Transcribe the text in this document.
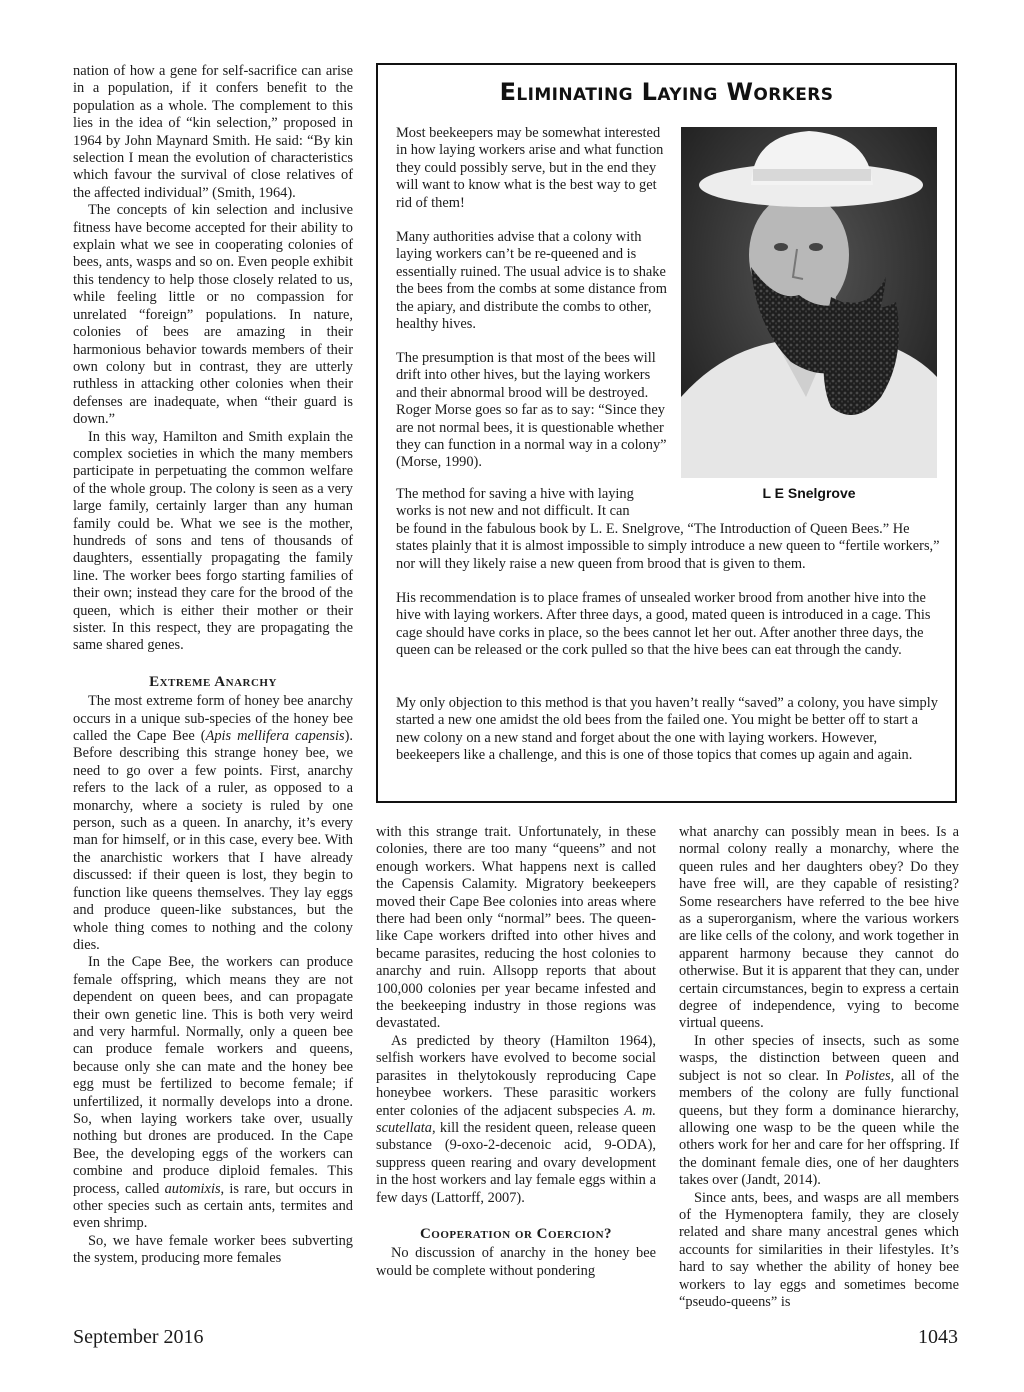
nation of how a gene for self-sacrifice can arise in a population, if it confers benefit to the population as a whole. The complement to this lies in the idea of “kin selection,” proposed in 1964 by John Maynard Smith. He said: “By kin selection I mean the evolution of characteristics which favour the survival of close relatives of the affected individual” (Smith, 1964).

The concepts of kin selection and inclusive fitness have become accepted for their ability to explain what we see in cooperating colonies of bees, ants, wasps and so on. Even people exhibit this tendency to help those closely related to us, while feeling little or no compassion for unrelated “foreign” populations. In nature, colonies of bees are amazing in their harmonious behavior towards members of their own colony but in contrast, they are utterly ruthless in attacking other colonies when their defenses are inadequate, when “their guard is down.”

In this way, Hamilton and Smith explain the complex societies in which the many members participate in perpetuating the common welfare of the whole group. The colony is seen as a very large family, certainly larger than any human family could be. What we see is the mother, hundreds of sons and tens of thousands of daughters, essentially propagating the family line. The worker bees forgo starting families of their own; instead they care for the brood of the queen, which is either their mother or their sister. In this respect, they are propagating the same shared genes.

Extreme Anarchy

The most extreme form of honey bee anarchy occurs in a unique sub-species of the honey bee called the Cape Bee (Apis mellifera capensis). Before describing this strange honey bee, we need to go over a few points. First, anarchy refers to the lack of a ruler, as opposed to a monarchy, where a society is ruled by one person, such as a queen. In anarchy, it’s every man for himself, or in this case, every bee. With the anarchistic workers that I have already discussed: if their queen is lost, they begin to function like queens themselves. They lay eggs and produce queen-like substances, but the whole thing comes to nothing and the colony dies.

In the Cape Bee, the workers can produce female offspring, which means they are not dependent on queen bees, and can propagate their own genetic line. This is both very weird and very harmful. Normally, only a queen bee can produce female workers and queens, because only she can mate and the honey bee egg must be fertilized to become female; if unfertilized, it normally develops into a drone. So, when laying workers take over, usually nothing but drones are produced. In the Cape Bee, the developing eggs of the workers can combine and produce diploid females. This process, called automixis, is rare, but occurs in other species such as certain ants, termites and even shrimp.

So, we have female worker bees subverting the system, producing more females

Eliminating Laying Workers

Most beekeepers may be somewhat interested in how laying workers arise and what function they could possibly serve, but in the end they will want to know what is the best way to get rid of them!

Many authorities advise that a colony with laying workers can’t be re-queened and is essentially ruined. The usual advice is to shake the bees from the combs at some distance from the apiary, and distribute the combs to other, healthy hives.

The presumption is that most of the bees will drift into other hives, but the laying workers and their abnormal brood will be destroyed. Roger Morse goes so far as to say: “Since they are not normal bees, it is questionable whether they can function in a normal way in a colony” (Morse, 1990).

The method for saving a hive with laying
works is not new and not difficult. It can
be found in the fabulous book by L. E. Snelgrove, “The Introduction of Queen Bees.” He states plainly that it is almost impossible to simply introduce a new queen to “fertile workers,” nor will they likely raise a new queen from brood that is given to them.

His recommendation is to place frames of unsealed worker brood from another hive into the hive with laying workers. After three days, a good, mated queen is introduced in a cage. This cage should have corks in place, so the bees cannot let her out. After another three days, the queen can be released or the cork pulled so that the hive bees can eat through the candy.

My only objection to this method is that you haven’t really “saved” a colony, you have simply started a new one amidst the old bees from the failed one. You might be better off to start a new colony on a new stand and forget about the one with laying workers. However, beekeepers like a challenge, and this is one of those topics that comes up again and again.

L E Snelgrove

with this strange trait. Unfortunately, in these colonies, there are too many “queens” and not enough workers. What happens next is called the Capensis Calamity. Migratory beekeepers moved their Cape Bee colonies into areas where there had been only “normal” bees. The queen-like Cape workers drifted into other hives and became parasites, reducing the host colonies to anarchy and ruin. Allsopp reports that about 100,000 colonies per year became infested and the beekeeping industry in those regions was devastated.

As predicted by theory (Hamilton 1964), selfish workers have evolved to become social parasites in thelytokously reproducing Cape honeybee workers. These parasitic workers enter colonies of the adjacent subspecies A. m. scutellata, kill the resident queen, release queen substance (9-oxo-2-decenoic acid, 9-ODA), suppress queen rearing and ovary development in the host workers and lay female eggs within a few days (Lattorff, 2007).

Cooperation or Coercion?

No discussion of anarchy in the honey bee would be complete without pondering

what anarchy can possibly mean in bees. Is a normal colony really a monarchy, where the queen rules and her daughters obey? Do they have free will, are they capable of resisting? Some researchers have referred to the bee hive as a superorganism, where the various workers are like cells of the colony, and work together in apparent harmony because they cannot do otherwise. But it is apparent that they can, under certain circumstances, begin to express a certain degree of independence, vying to become virtual queens.

In other species of insects, such as some wasps, the distinction between queen and subject is not so clear. In Polistes, all of the members of the colony are fully functional queens, but they form a dominance hierarchy, allowing one wasp to be the queen while the others work for her and care for her offspring. If the dominant female dies, one of her daughters takes over (Jandt, 2014).

Since ants, bees, and wasps are all members of the Hymenoptera family, they are closely related and share many ancestral genes which accounts for similarities in their lifestyles. It’s hard to say whether the ability of honey bee workers to lay eggs and sometimes become “pseudo-queens” is

September 2016	1043
